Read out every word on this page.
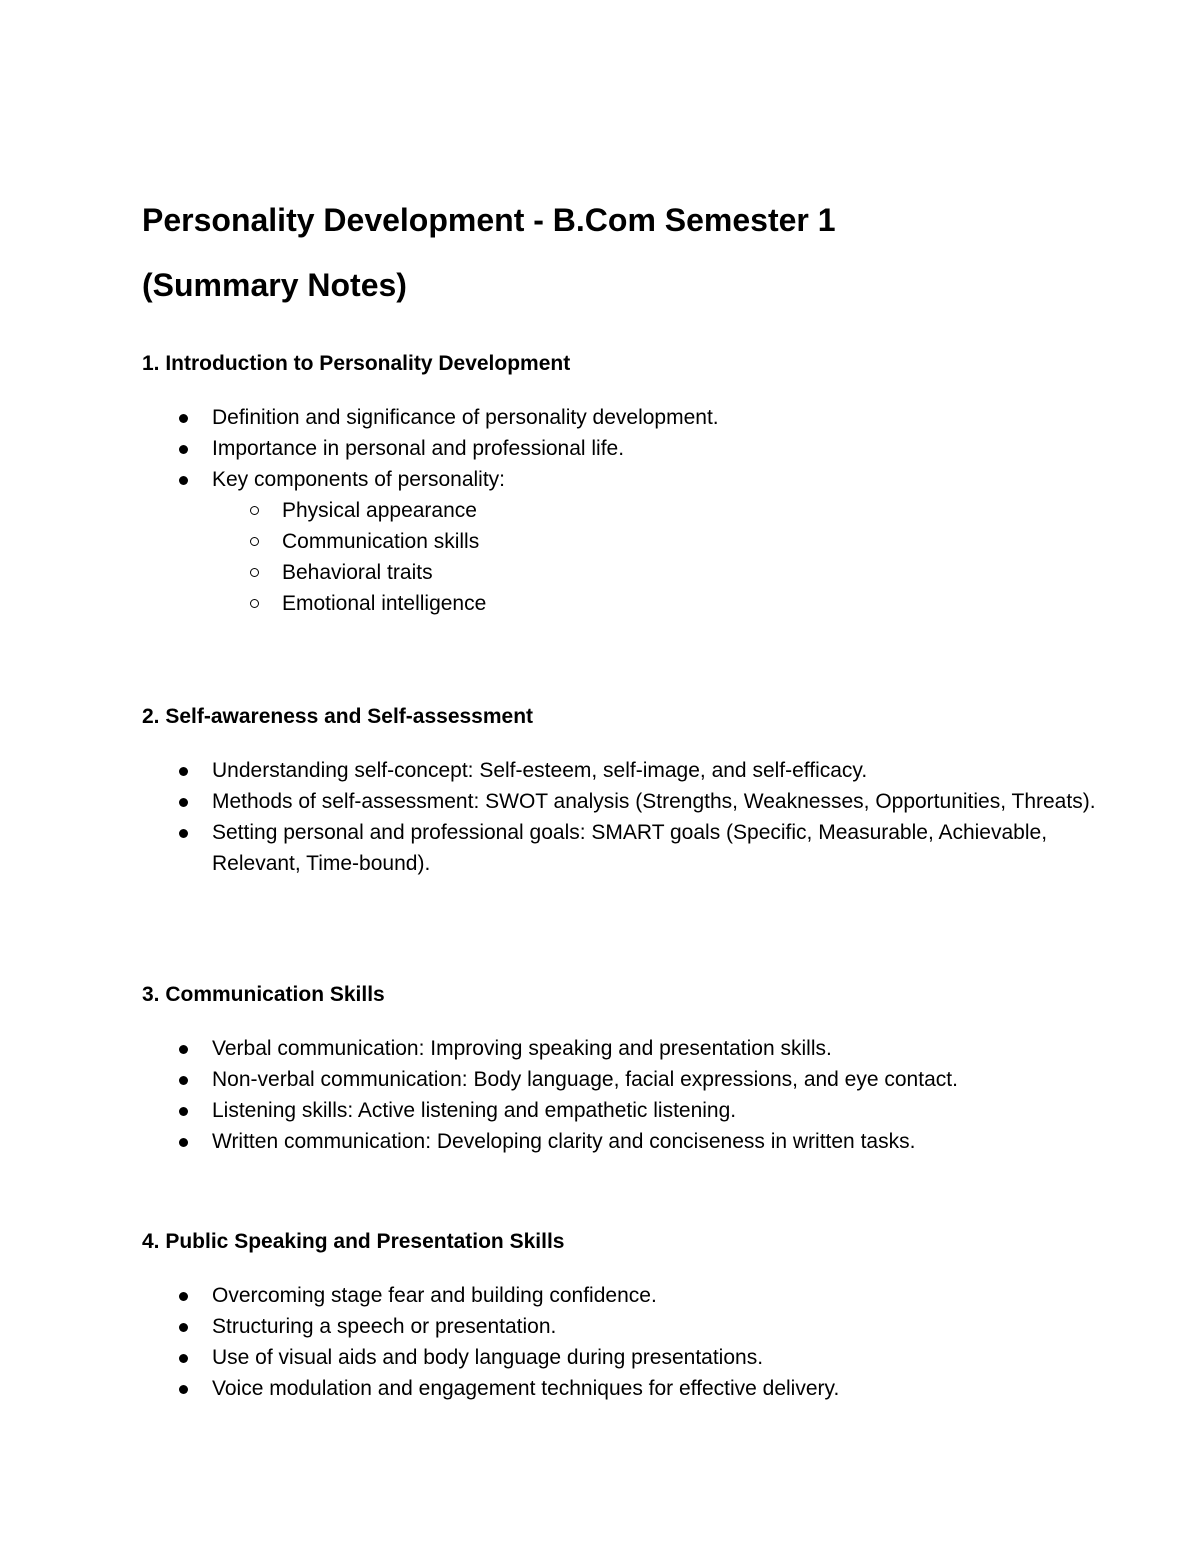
Personality Development - B.Com Semester 1
(Summary Notes)
1. Introduction to Personality Development
Definition and significance of personality development.
Importance in personal and professional life.
Key components of personality:
Physical appearance
Communication skills
Behavioral traits
Emotional intelligence
2. Self-awareness and Self-assessment
Understanding self-concept: Self-esteem, self-image, and self-efficacy.
Methods of self-assessment: SWOT analysis (Strengths, Weaknesses, Opportunities, Threats).
Setting personal and professional goals: SMART goals (Specific, Measurable, Achievable, Relevant, Time-bound).
3. Communication Skills
Verbal communication: Improving speaking and presentation skills.
Non-verbal communication: Body language, facial expressions, and eye contact.
Listening skills: Active listening and empathetic listening.
Written communication: Developing clarity and conciseness in written tasks.
4. Public Speaking and Presentation Skills
Overcoming stage fear and building confidence.
Structuring a speech or presentation.
Use of visual aids and body language during presentations.
Voice modulation and engagement techniques for effective delivery.
